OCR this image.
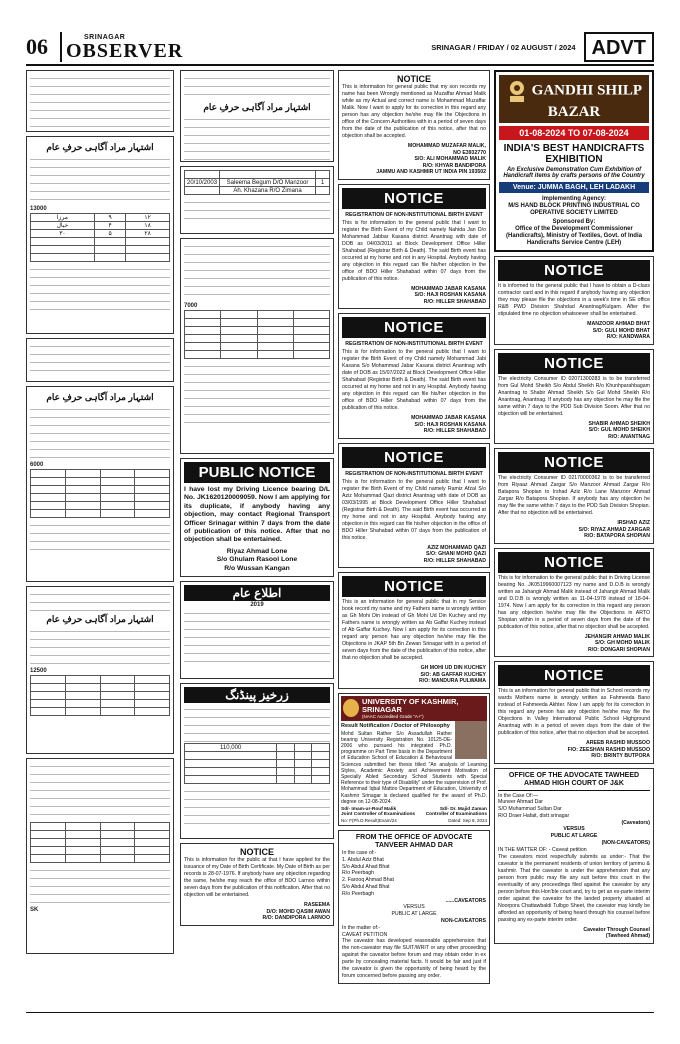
06	SRINAGAR
OBSERVER	SRINAGAR / FRIDAY / 02 AUGUST / 2024 ADVT
اشتہار مراد آگاہی حرفِ عام
13000
۱۲	۹	مرزا
۱۸	۴	خیال
۲۸	۵	۳۰

اشتہار مراد آگاہی حرفِ عام
6000

اشتہار مراد آگاہی حرفِ عام
12500

SK
اشتہار مراد آگاہی حرفِ عام

20/10/2003	Saleema Begum D/O Manzoor	1
	Ah. Khazana R/O Zimana	
7000

PUBLIC NOTICE
I have lost my Driving Licence bearing D/L No. JK1620120009059. Now I am applying for its duplicate, if anybody having any objection, may contact Regional Transport Officer Srinagar within 7 days from the date of publication of this notice. After that no objection shall be entertained.
Riyaz Ahmad Lone
S/o Ghulam Rasool Lone
R/o Wussan Kangan
اطلاع عام
2019
زرخیز پینڈنگ
110,000			

NOTICE
This is information for the public at that I have applied for the issuance of my Date of Birth Certificate. My Date of Birth as per records is 28-07-1976. If anybody have any objection regarding the same, he/she may reach the office of BDO Larnoo within seven days from the publication of this notification. After that no objection will be entertained.
RASEEMA
D/O: MOHD QASIM AWAN
R/O: DANDIPORA LARNOO
NOTICE
This is information for general public that my son records my name has been Wrongly mentioned as Muzaffar Ahmad Malik while as my Actual and correct name is Mohammad Muzaffar Malik. Now I want to apply for its correction in this regard any person has any objection he/she may file the Objections in office of the Concern Authorities with in a period of seven days from the date of the publication of this notice, after that no objection shall be accepted.
MOHAMMAD MUZAFAR MALIK,
NO E3932770
S/O: ALI MOHAMMAD MALIK
R/O: KHYAR BANDIPORA
JAMMU AND KASHMIR UT INDIA PIN 193502
NOTICE
REGISTRATION OF NON-INSTITUTIONAL BIRTH EVENT
This is for information to the general public that I want to register the Birth Event of my Child namely Nahida Jan D/o Mohammad Jabbar Kasana district Anantnag with date of DOB as 04/03/2011 at Block Development Office Hiller Shahabad (Registrar Birth & Death). The said Birth event has occurred at my home and not in any Hospital. Anybody having any objection in this regard can file his/her objection in the office of BDO Hiller Shahabad within 07 days from the publication of this notice.
MOHAMMAD JABAR KASANA
S/O: HAJI ROSHAN KASANA
R/O: HILLER SHAHABAD
NOTICE
REGISTRATION OF NON-INSTITUTIONAL BIRTH EVENT
This is for information to the general public that I want to register the Birth Event of my Child namely Mohammad Jabi Kasana S/o Mohammad Jabar Kasana district Anantnag with date of DOB as 15/07/2022 at Block Development Office Hiller Shahabad (Registrar Birth & Death). The said Birth event has occurred at my home and not in any Hospital. Anybody having any objection in this regard can file his/her objection in the office of BDO Hiller Shahabad within 07 days from the publication of this notice.
MOHAMMAD JABAR KASANA
S/O: HAJI ROSHAN KASANA
R/O: HILLER SHAHABAD
NOTICE
REGISTRATION OF NON-INSTITUTIONAL BIRTH EVENT
This is for information to the general public that I want to register the Birth Event of my Child namely Ramiz Afzal S/o Aziz Mohammad Qazi district Anantnag with date of DOB as 03/03/1995 at Block Development Office Hiller Shahabad (Registrar Birth & Death). The said Birth event has occurred at my home and not in any Hospital. Anybody having any objection in this regard can file his/her objection in the office of BDO Hiller Shahabad within 07 days from the publication of this notice.
AZIZ MOHAMMAD QAZI
S/O: GHANI MOHD QAZI
R/O: HILLER SHAHABAD
NOTICE
This is an information for general public that in my Service book record my name and my Fathers name is wrongly written as Gh Mohi Din instead of Gh Mohi Ud Din Kuchey and my Fathers name is wrongly written as Ab Gaffar Kuchey instead of Ab Gaffar Kuchey. Now I am apply for its correction in this regard any person has any objection he/she may file the Objections in JKAP 5th Bn Zewan Srinagar with in a period of seven days from the date of the publication of this notice, after that no objection shall be accepted.
GH MOHI UD DIN KUCHEY
S/O: AB GAFFAR KUCHEY
R/O: MANDURA PULWAMA
UNIVERSITY OF KASHMIR, SRINAGAR
(NAAC Accredited Grade "A+")
Result Notification / Doctor of Philosophy
Mohd Sultan Rather S/o Assadullah Rather bearing University Registration No. 10125-DE-2006 who pursued his integrated Ph.D. programme on Part Time basis in the Department of Education School of Education & Behavioural Sciences submitted her thesis titled "An analysis of Learning Styles, Academic Anxiety and Achievement Motivation of Specially Abled Secondary School Students with Special Reference to their type of Disability" under the supervision of Prof. Mohammad Iqbal Mattoo Department of Education, University of Kashmir Srinagar is declared qualified for the award of Ph.D. degree on 12-08-2024.
Sd/- Imam-ur-Rouf Malik
Joint Controller of Examinations
Sd/- Dr. Majid Zaman
Controller of Examinations
No: F(Ph.D.Result)Exam/24	Dated: Sep 8, 2024
FROM THE OFFICE OF ADVOCATE
TANVEER AHMAD DAR
In the case of:-
1. Abdul Aziz Bhat
S/o Abdul Ahad Bhat
R/o Peerbagh
2. Farooq Ahmad Bhat
S/o Abdul Ahad Bhat
R/o Peerbagh
......CAVEATORS
VERSUS
PUBLIC AT LARGE
NON-CAVEATORS
In the matter of:-
CAVEAT PETITION
The caveator has developed reasonable apprehension that the non-caveator may file SUIT/WRIT or any other proceeding against the caveator before forum and may obtain order in ex parte by concealing material facts. It would be fair and just if the caveator is given the opportunity of being heard by the forum concerned before passing any order.
GANDHI SHILP BAZAR
01-08-2024 TO 07-08-2024
INDIA'S BEST HANDICRAFTS EXHIBITION
An Exclusive Demonstration Cum Exhibition of Handicraft items by crafts persons of the Country
Venue: JUMMA BAGH, LEH LADAKH
Implementing Agency:
M/S HAND BLOCK PRINTING INDUSTRIAL CO OPERATIVE SOCIETY LIMITED
Sponsored By:
Office of the Development Commissioner (Handicrafts), Ministry of Textiles, Govt. of India Handicrafts Service Centre (LEH)
NOTICE
It is informed to the general public that I have to obtain a D-class contractor card and in this regard if anybody having any objection they may please file the objections in a week's time in SE office R&B PWD Division Shahdad Anantnag/Kulgam. After the stipulated time no objection whatsoever shall be entertained.
MANZOOR AHMAD BHAT
S/O: GULI MOHD BHAT
R/O: KANDWARA
NOTICE
The electricity Consumer ID 02071300283 is to be transferred from Gul Mohd Sheikh S/o Abdul Sheikh R/o Khunhparahbagam Anantnag to Shabir Ahmad Sheikh S/o Gul Mohd Sheikh R/o Anantnag, Anantnag. If anybody has any objection he may file the same within 7 days to the PDD Sub Division Soom. After that no objection will be entertained.
SHABIR AHMAD SHEIKH
S/O: GUL MOHD SHEIKH
R/O: ANANTNAG
NOTICE
The electricity Consumer ID 02170000362 is to be transferred from Riyaaz Ahmad Zargar S/o Manzoor Ahmad Zargar R/o Batapora Shopian to Irshad Aziz R/o Lane Manzoor Ahmad Zargar R/o Batapora Shopian. If anybody has any objection he may file the same within 7 days to the PDD Sub Division Shopian. After that no objection will be entertained.
IRSHAD AZIZ
S/O: RIYAZ AHMAD ZARGAR
R/O: BATAPORA SHOPIAN
NOTICE
This is for information to the general public that in Driving License bearing No. JK0519960007123 my name and D.O.B is wrongly written as Jahangir Ahmad Malik instead of Jahangir Ahmad Malik and D.O.B is wrongly written as 11-04-1978 instead of 18-04-1974. Now I am apply for its correction in this regard any person has any objection he/she may file the Objections in ARTO Shopian within in a period of seven days from the date of the publication of this notice, after that no objection shall be accepted.
JEHANGIR AHMAD MALIK
S/O: GH MOHD MALIK
R/O: DONGARI SHOPIAN
NOTICE
This is an information for general public that in School records my wards Mothers name is wrongly written as Fahmeeda Bano instead of Fahmeeda Akhter. Now I am apply for its correction in this regard any person has any objection he/she may file the Objections in Valley International Public School Highground Anantnag with in a period of seven days from the date of the publication of this notice, after that no objection shall be accepted.
AREEB RASHID MUSSOO
F/O: ZEESHAN RASHID MUSSOO
R/O: BRINTY BUTPORA
OFFICE OF THE ADVOCATE TAWHEED
AHMAD HIGH COURT OF J&K
In the Case Of:—
Muneer Ahmad Dar
S/O Muhammad Sultan Dar
R/O Draer Hafait, distt srinagar
(Caveators)
VERSUS
PUBLIC AT LARGE
(NON-CAVEATORS)
IN THE MATTER OF: - Caveat petition
The caveators most respectfully submits as under:- That the caveator is the permanent residents of union territory of jammu & kashmir. That the caveator is under the apprehension that any person from public may file any suit before this court in the eventuality of any proceedings filed against the caveator by any person before this Hon'ble court and, try to get an ex-parte interim order against the caveator for the landed property situated at Noorpora Chattawbaldi Tulbgo Sheet, the caveator may kindly be afforded an opportunity of being heard through his counsel before passing any ex-parte interim order.
Caveator Through Counsel
(Tawheed Ahmad)
